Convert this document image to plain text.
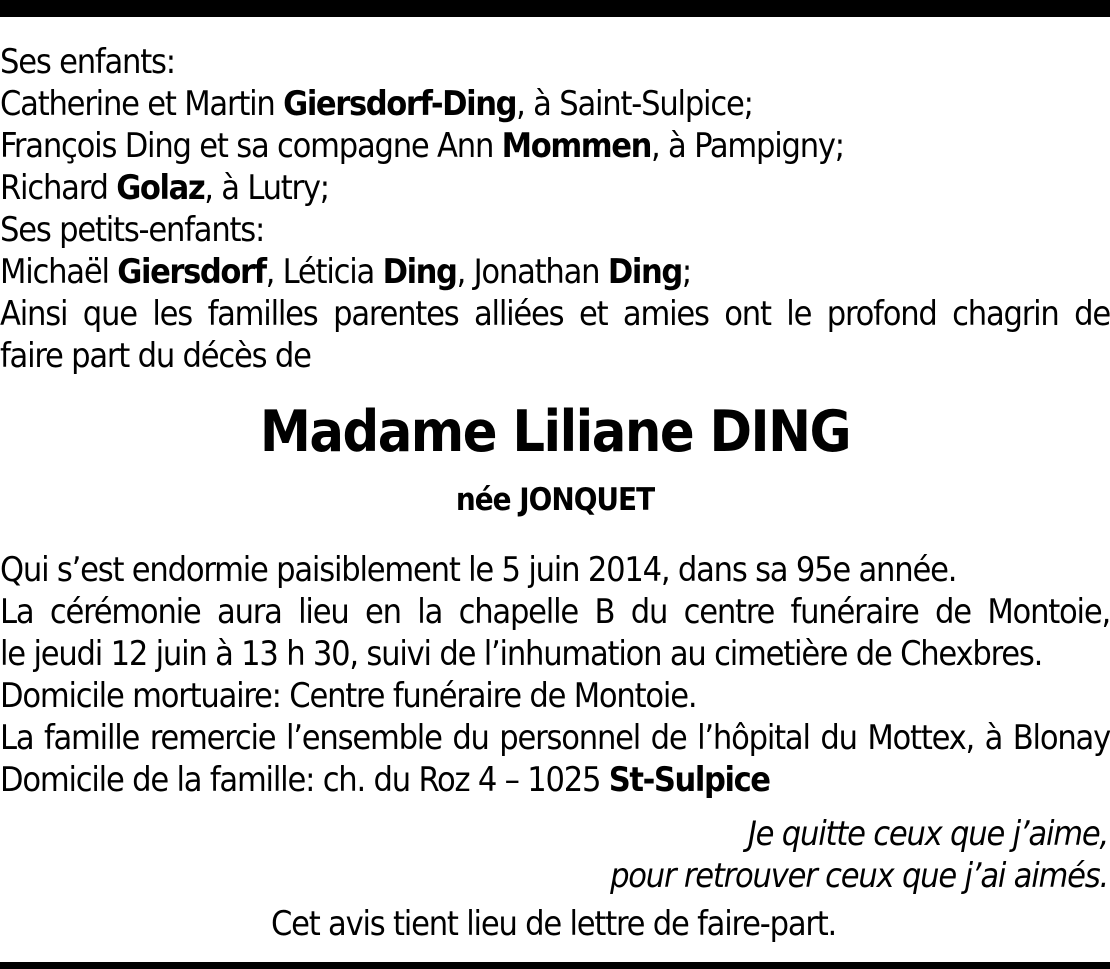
Ses enfants:
Catherine et Martin Giersdorf-Ding, à Saint-Sulpice;
François Ding et sa compagne Ann Mommen, à Pampigny;
Richard Golaz, à Lutry;
Ses petits-enfants:
Michaël Giersdorf, Léticia Ding, Jonathan Ding;
Ainsi que les familles parentes alliées et amies ont le profond chagrin de
faire part du décès de
Madame Liliane DING
née JONQUET
Qui s’est endormie paisiblement le 5 juin 2014, dans sa 95e année.
La cérémonie aura lieu en la chapelle B du centre funéraire de Montoie,
le jeudi 12 juin à 13 h 30, suivi de l’inhumation au cimetière de Chexbres.
Domicile mortuaire: Centre funéraire de Montoie.
La famille remercie l’ensemble du personnel de l’hôpital du Mottex, à Blonay
Domicile de la famille: ch. du Roz 4 – 1025 St-Sulpice
Je quitte ceux que j’aime,
pour retrouver ceux que j’ai aimés.
Cet avis tient lieu de lettre de faire-part.
